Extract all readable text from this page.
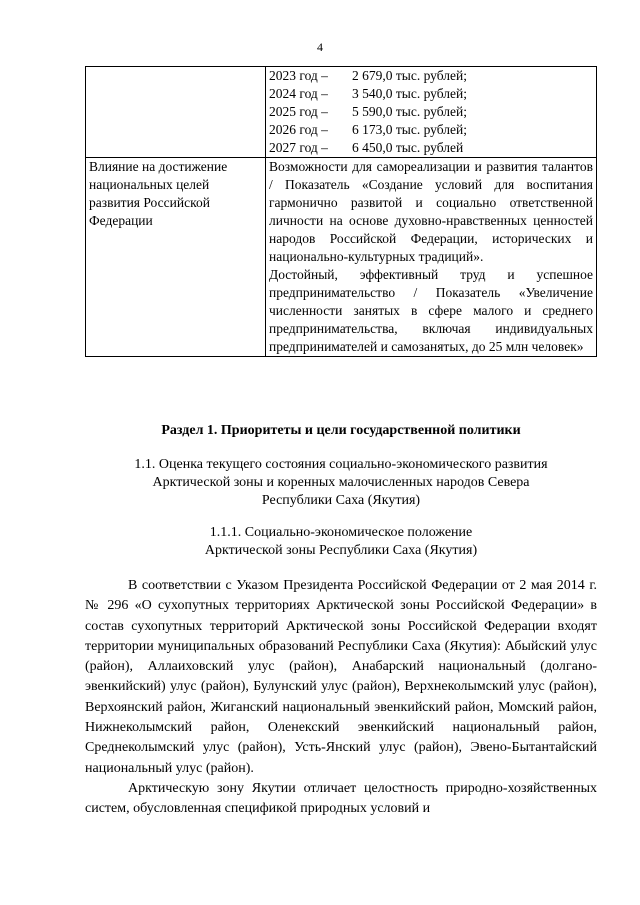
4

	2023 год – 2 679,0 тыс. рублей;
2024 год – 3 540,0 тыс. рублей;
2025 год – 5 590,0 тыс. рублей;
2026 год – 6 173,0 тыс. рублей;
2027 год – 6 450,0 тыс. рублей

Влияние на достижение национальных целей развития Российской Федерации	Возможности для самореализации и развития талантов / Показатель «Создание условий для воспитания гармонично развитой и социально ответственной личности на основе духовно-нравственных ценностей народов Российской Федерации, исторических и национально-культурных традиций».
Достойный, эффективный труд и успешное предпринимательство / Показатель «Увеличение численности занятых в сфере малого и среднего предпринимательства, включая индивидуальных предпринимателей и самозанятых, до 25 млн человек»
Раздел 1. Приоритеты и цели государственной политики
1.1. Оценка текущего состояния социально-экономического развития
Арктической зоны и коренных малочисленных народов Севера
Республики Саха (Якутия)
1.1.1. Социально-экономическое положение
Арктической зоны Республики Саха (Якутия)

В соответствии с Указом Президента Российской Федерации от 2 мая 2014 г. № 296 «О сухопутных территориях Арктической зоны Российской Федерации» в состав сухопутных территорий Арктической зоны Российской Федерации входят территории муниципальных образований Республики Саха (Якутия): Абыйский улус (район), Аллаиховский улус (район), Анабарский национальный (долгано-эвенкийский) улус (район), Булунский улус (район), Верхнеколымский улус (район), Верхоянский район, Жиганский национальный эвенкийский район, Момский район, Нижнеколымский район, Оленекский эвенкийский национальный район, Среднеколымский улус (район), Усть-Янский улус (район), Эвено-Бытантайский национальный улус (район).

Арктическую зону Якутии отличает целостность природно-хозяйственных систем, обусловленная спецификой природных условий и
